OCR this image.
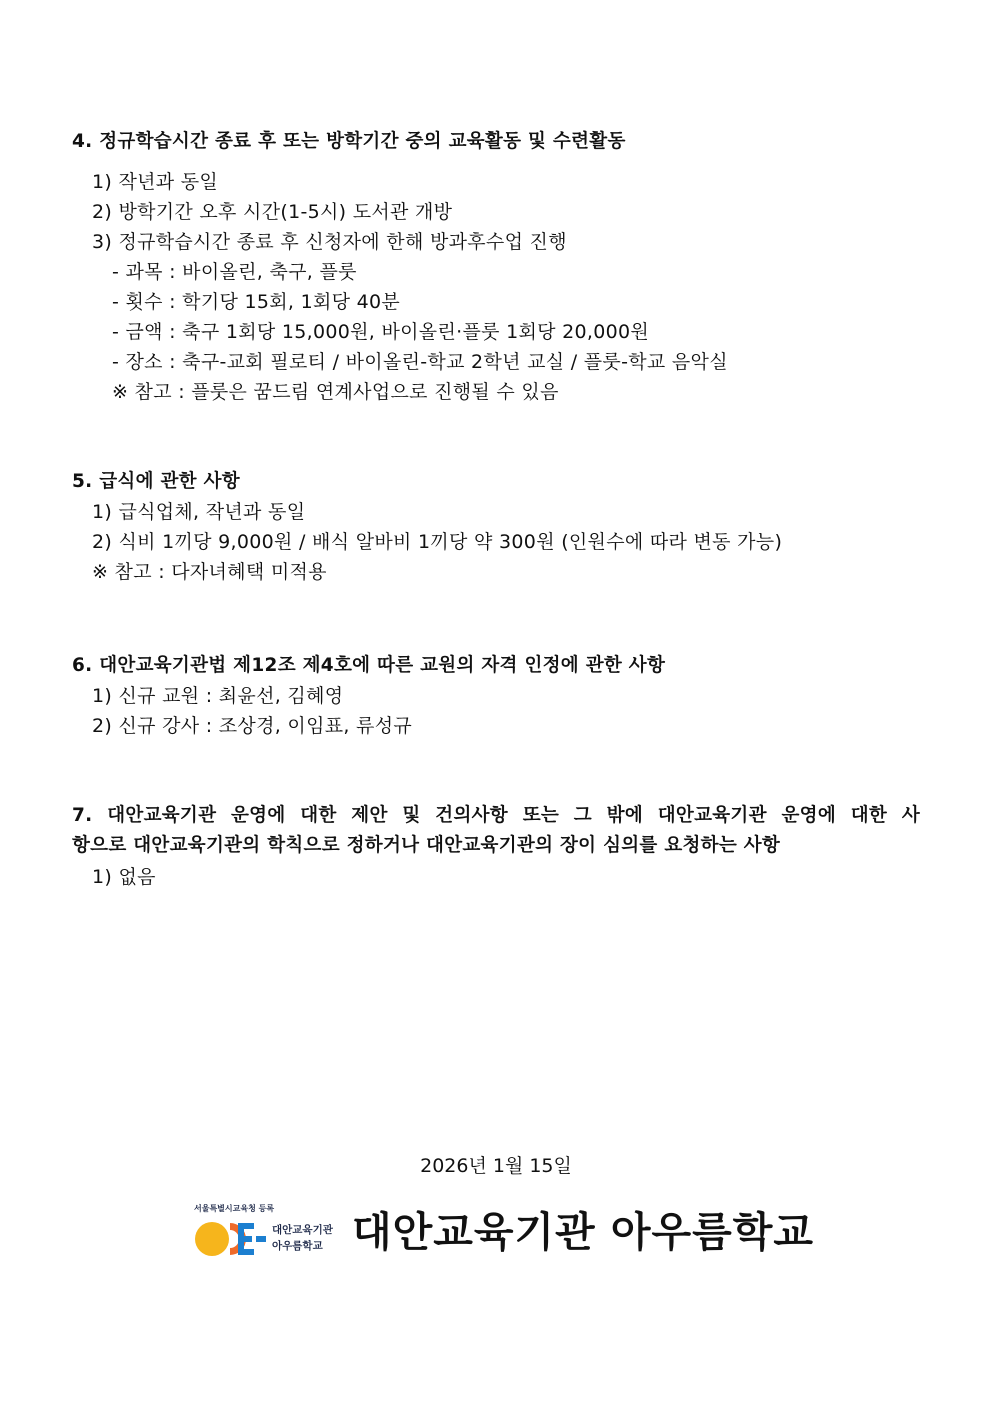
4. 정규학습시간 종료 후 또는 방학기간 중의 교육활동 및 수련활동
1) 작년과 동일
2) 방학기간 오후 시간(1-5시) 도서관 개방
3) 정규학습시간 종료 후 신청자에 한해 방과후수업 진행
- 과목 : 바이올린, 축구, 플룻
- 횟수 : 학기당 15회, 1회당 40분
- 금액 : 축구 1회당 15,000원, 바이올린·플룻 1회당 20,000원
- 장소 : 축구-교회 필로티 / 바이올린-학교 2학년 교실 / 플룻-학교 음악실
※ 참고 : 플룻은 꿈드림 연계사업으로 진행될 수 있음
5. 급식에 관한 사항
1) 급식업체, 작년과 동일
2) 식비 1끼당 9,000원 / 배식 알바비 1끼당 약 300원 (인원수에 따라 변동 가능)
※ 참고 : 다자녀혜택 미적용
6. 대안교육기관법 제12조 제4호에 따른 교원의 자격 인정에 관한 사항
1) 신규 교원 : 최윤선, 김혜영
2) 신규 강사 : 조상경, 이임표, 류성규
7. 대안교육기관 운영에 대한 제안 및 건의사항 또는 그 밖에 대안교육기관 운영에 대한 사
항으로 대안교육기관의 학칙으로 정하거나 대안교육기관의 장이 심의를 요청하는 사항
1) 없음
2026년 1월 15일
서울특별시교육청 등록
대안교육기관
아우름학교 대안교육기관 아우름학교
